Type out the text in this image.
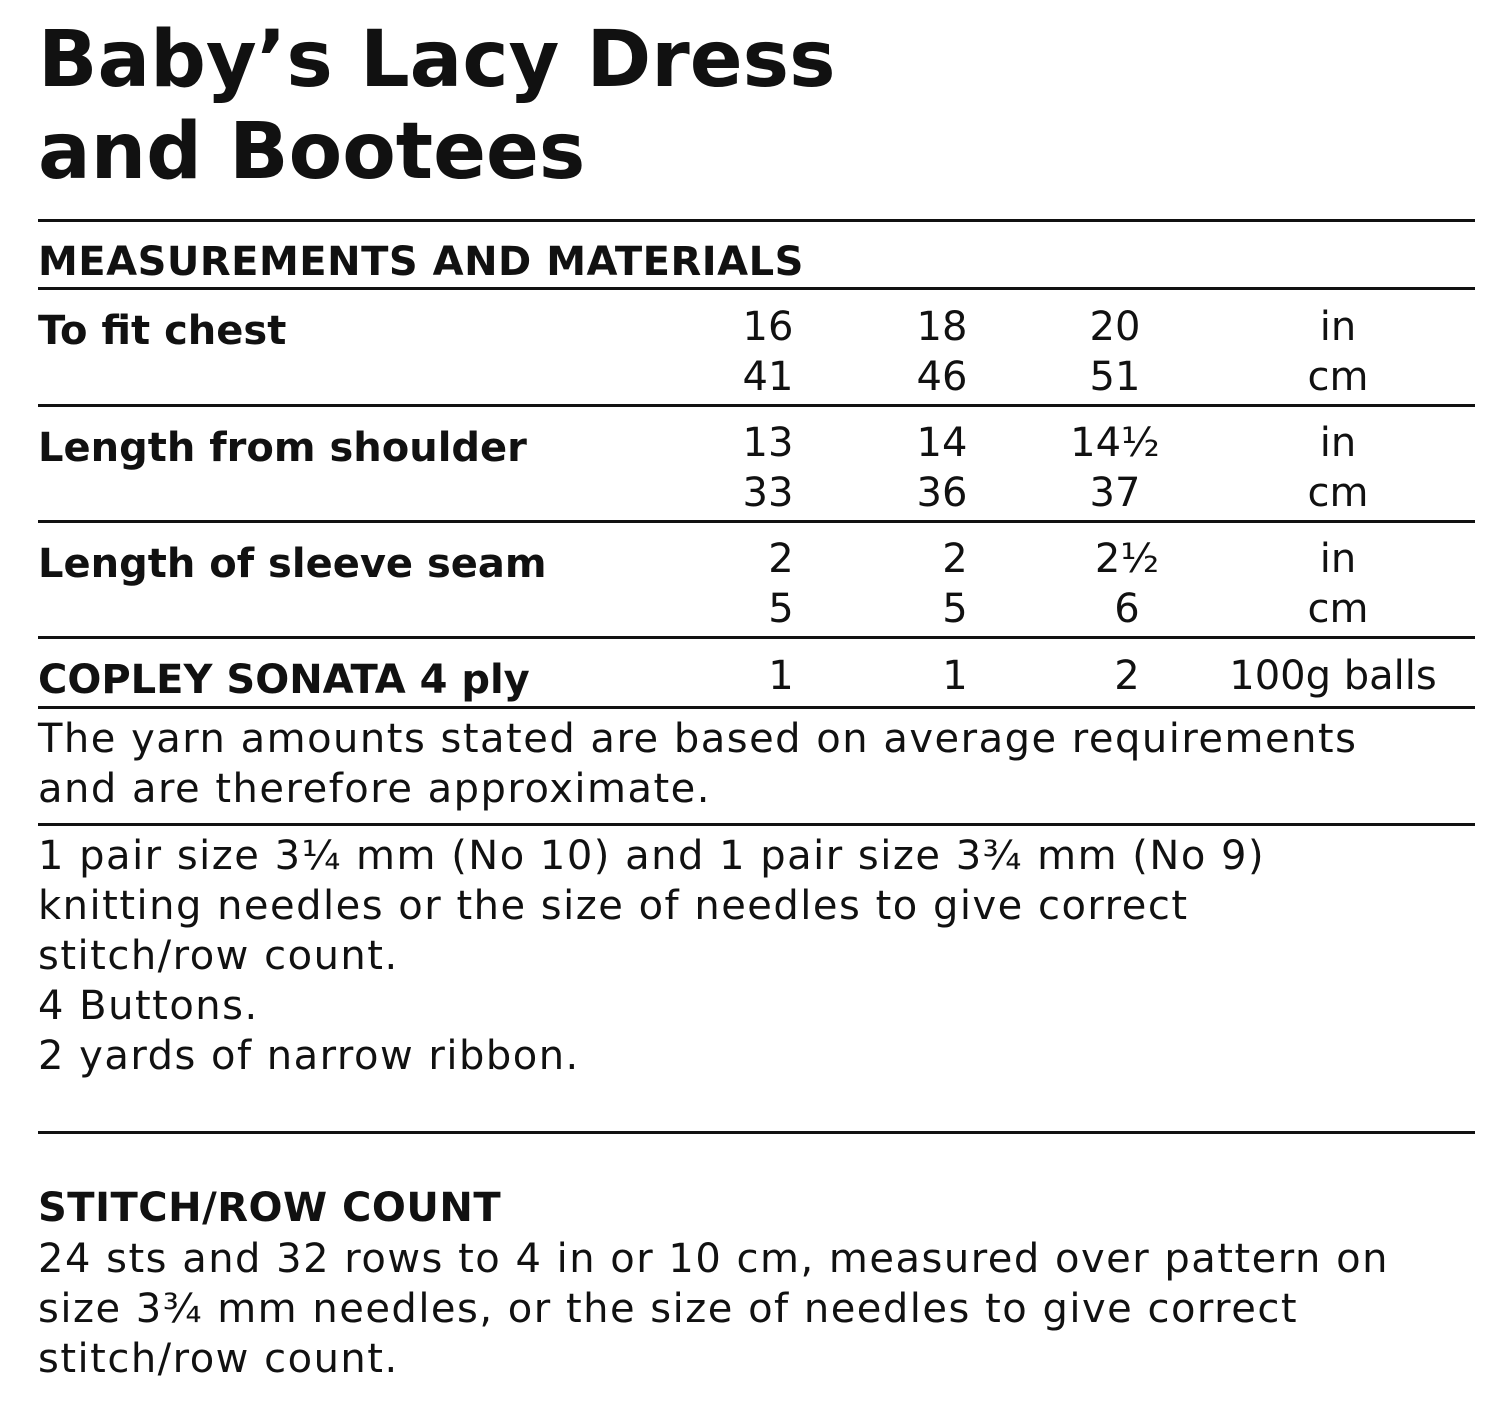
Baby’s Lacy Dress
and Bootees
MEASUREMENTS AND MATERIALS
To fit chest	16	18	20	in
41	46	51	cm
Length from shoulder	13	14	14½	in
33	36	37	cm
Length of sleeve seam	2	2	2½	in
5	5	6	cm
COPLEY SONATA 4 ply	1	1	2	100g balls
The yarn amounts stated are based on average requirements
and are therefore approximate.
1 pair size 3¼ mm (No 10) and 1 pair size 3¾ mm (No 9)
knitting needles or the size of needles to give correct
stitch/row count.
4 Buttons.
2 yards of narrow ribbon.
STITCH/ROW COUNT
24 sts and 32 rows to 4 in or 10 cm, measured over pattern on
size 3¾ mm needles, or the size of needles to give correct
stitch/row count.
